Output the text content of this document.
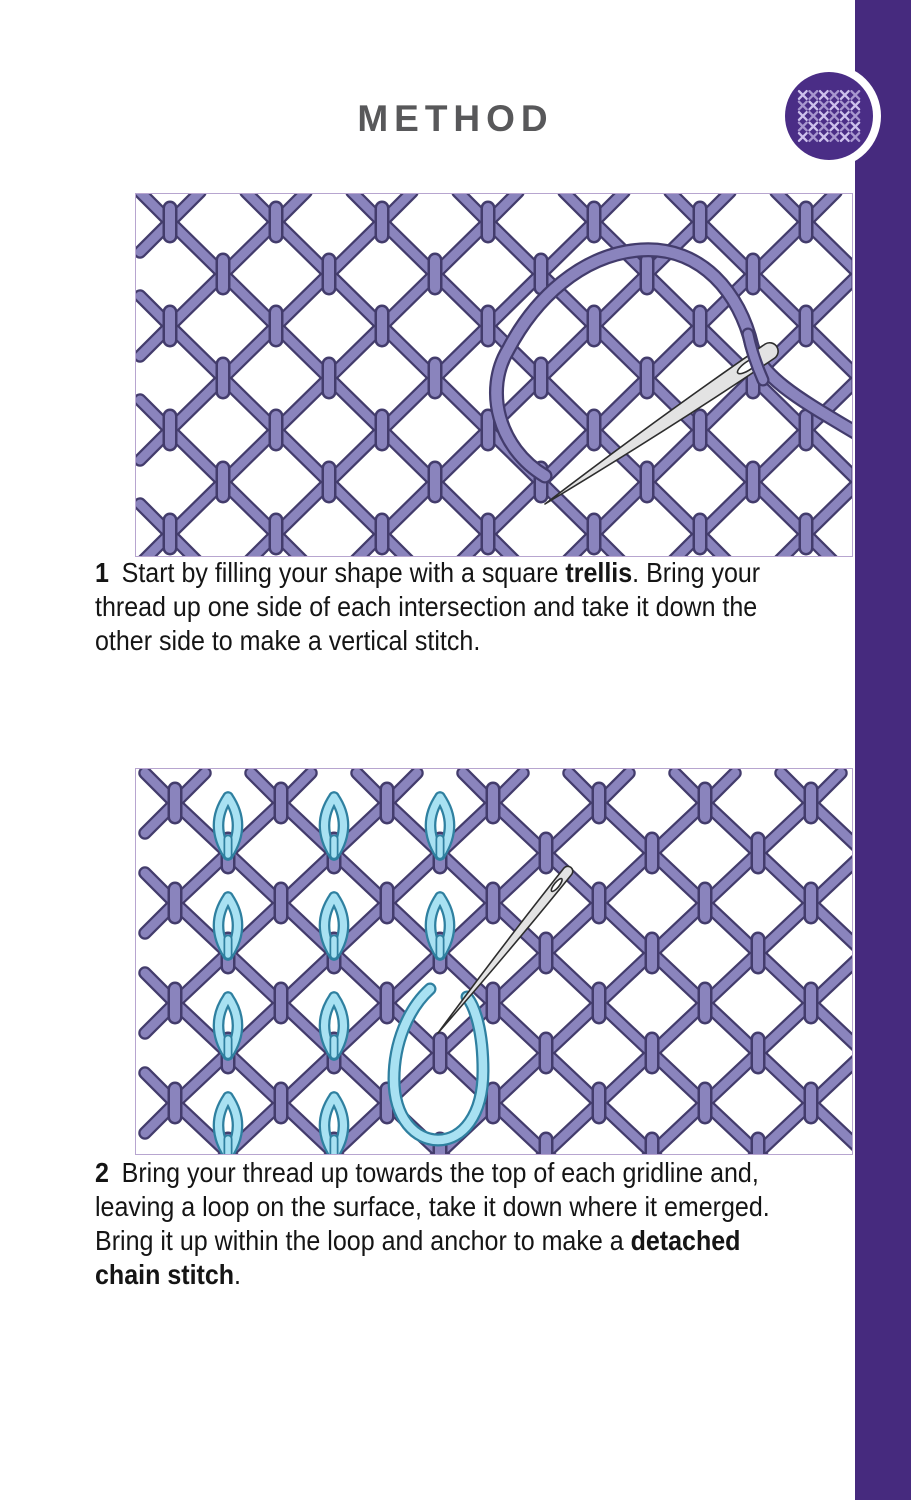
METHOD
1 Start by filling your shape with a square trellis. Bring your
thread up one side of each intersection and take it down the
other side to make a vertical stitch.
2 Bring your thread up towards the top of each gridline and,
leaving a loop on the surface, take it down where it emerged.
Bring it up within the loop and anchor to make a detached
chain stitch.
